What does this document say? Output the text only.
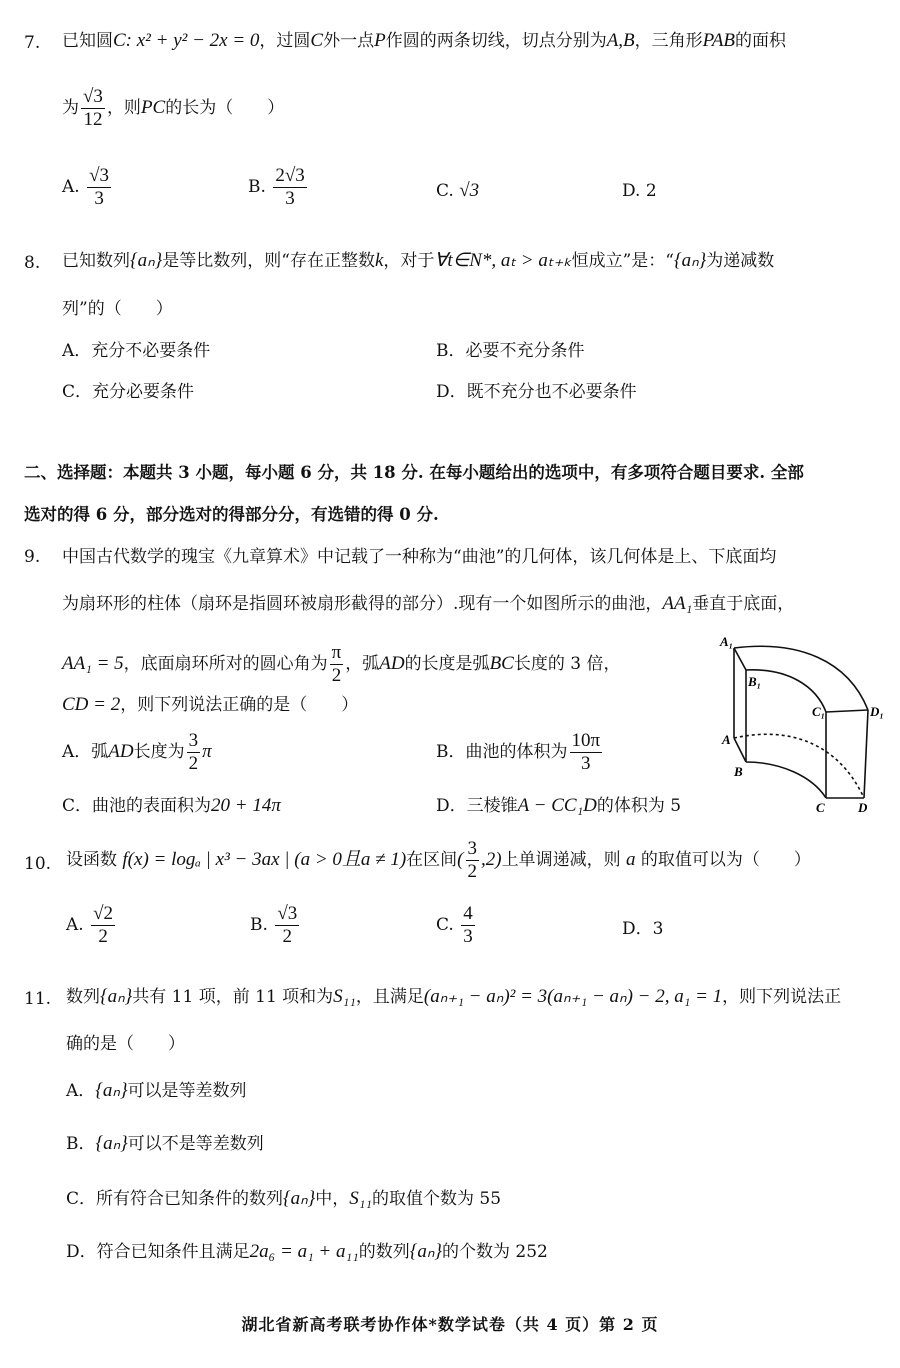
7. 已知圆C: x² + y² − 2x = 0，过圆C外一点P作圆的两条切线，切点分别为A,B，三角形PAB的面积
为 $\frac{√3}{12}$ ，则PC的长为（　　）
A. $\frac{√3}{3}$	B. $\frac{2√3}{3}$	C. √3	D. 2
8. 已知数列{aₙ}是等比数列，则“存在正整数k，对于∀t∈N*, aₜ > aₜ₊ₖ恒成立”是：“{aₙ}为递减数
列”的（　　）
A．充分不必要条件	B．必要不充分条件
C．充分必要条件	D．既不充分也不必要条件
二、选择题：本题共 3 小题，每小题 6 分，共 18 分. 在每小题给出的选项中，有多项符合题目要求. 全部
选对的得 6 分，部分选对的得部分分，有选错的得 0 分.
9. 中国古代数学的瑰宝《九章算术》中记载了一种称为“曲池”的几何体，该几何体是上、下底面均
为扇环形的柱体（扇环是指圆环被扇形截得的部分）.现有一个如图所示的曲池，AA₁垂直于底面，
AA₁ = 5，底面扇环所对的圆心角为 $\frac{\pi}{2}$ ，弧AD的长度是弧BC长度的 3 倍，
CD = 2，则下列说法正确的是（　　）
A．弧AD长度为 $\frac{3}{2}$ π	B．曲池的体积为 $\frac{10\pi}{3}$
C．曲池的表面积为20 + 14π	D．三棱锥A − CC₁D的体积为 5
A₁
B₁
C₁	D₁
A
B
C	D
10. 设函数 f(x) = logₐ | x³ − 3ax | (a > 0且a ≠ 1)在区间( $\frac{3}{2} ,2$)上单调递减，则 a 的取值可以为（　　）
A. $\frac{√2}{2}$	B. $\frac{√3}{2}$	C. $\frac{4}{3}$	D．3
11. 数列{aₙ}共有 11 项，前 11 项和为S₁₁，且满足(aₙ₊₁ − aₙ)² = 3(aₙ₊₁ − aₙ) − 2, a₁ = 1，则下列说法正
确的是（　　）
A．{aₙ}可以是等差数列
B．{aₙ}可以不是等差数列
C．所有符合已知条件的数列{aₙ}中，S₁₁的取值个数为 55
D．符合已知条件且满足2a₆ = a₁ + a₁₁的数列{aₙ}的个数为 252
湖北省新高考联考协作体*数学试卷（共 4 页）第 2 页
